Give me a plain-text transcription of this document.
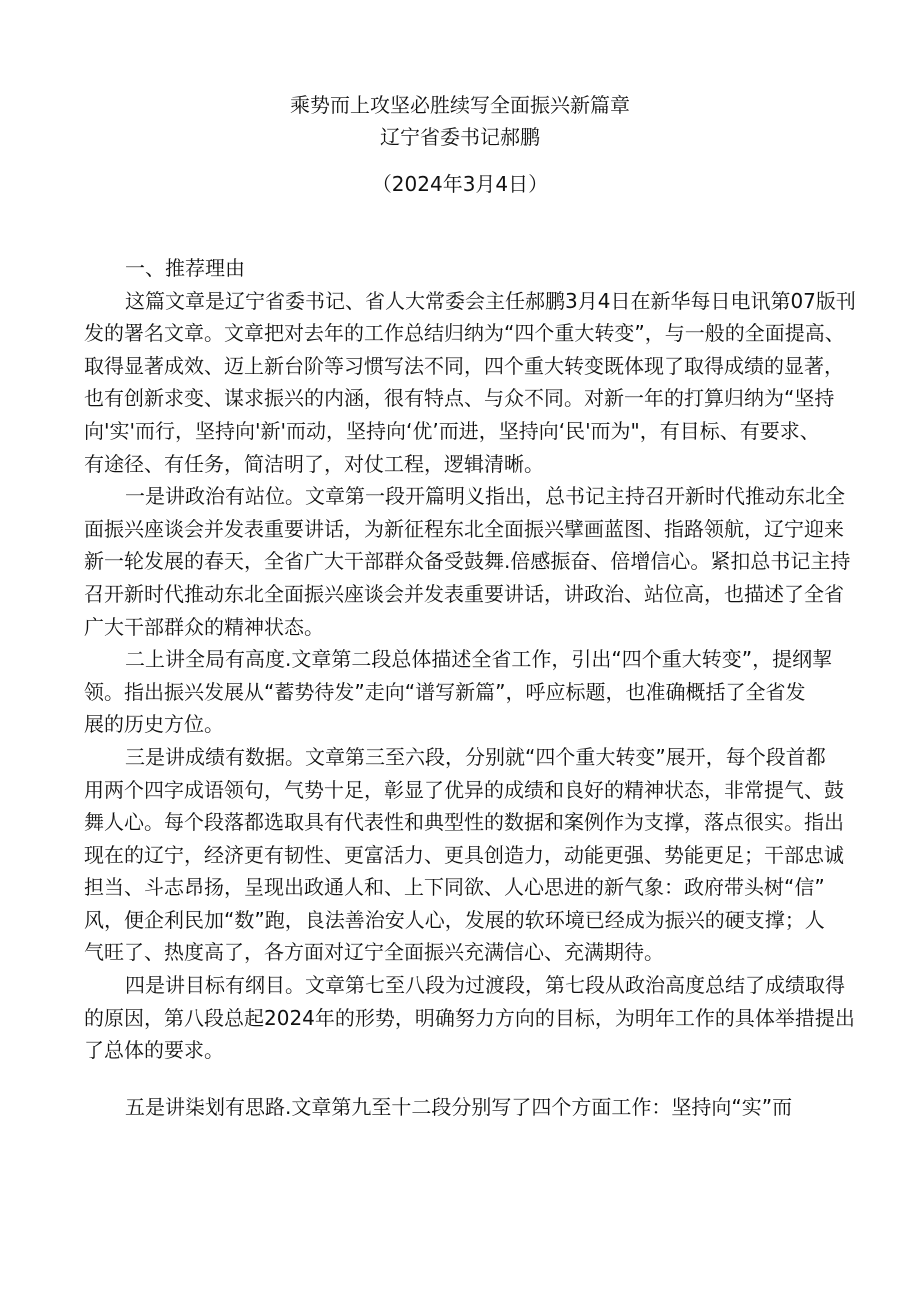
乘势而上攻坚必胜续写全面振兴新篇章
辽宁省委书记郝鹏
（2024年3月4日）
一、推荐理由
这篇文章是辽宁省委书记、省人大常委会主任郝鹏3月4日在新华每日电讯第07版刊
发的署名文章。文章把对去年的工作总结归纳为“四个重大转变”，与一般的全面提高、
取得显著成效、迈上新台阶等习惯写法不同，四个重大转变既体现了取得成绩的显著，
也有创新求变、谋求振兴的内涵，很有特点、与众不同。对新一年的打算归纳为“坚持
向'实'而行，坚持向'新'而动，坚持向‘优’而进，坚持向‘民'而为"，有目标、有要求、
有途径、有任务，简洁明了，对仗工程，逻辑清晰。
一是讲政治有站位。文章第一段开篇明义指出，总书记主持召开新时代推动东北全
面振兴座谈会并发表重要讲话，为新征程东北全面振兴擘画蓝图、指路领航，辽宁迎来
新一轮发展的春天，全省广大干部群众备受鼓舞.倍感振奋、倍增信心。紧扣总书记主持
召开新时代推动东北全面振兴座谈会并发表重要讲话，讲政治、站位高，也描述了全省
广大干部群众的精神状态。
二上讲全局有高度.文章第二段总体描述全省工作，引出“四个重大转变”，提纲挈
领。指出振兴发展从“蓄势待发”走向“谱写新篇”，呼应标题，也准确概括了全省发
展的历史方位。
三是讲成绩有数据。文章第三至六段，分别就“四个重大转变”展开，每个段首都
用两个四字成语领句，气势十足，彰显了优异的成绩和良好的精神状态，非常提气、鼓
舞人心。每个段落都选取具有代表性和典型性的数据和案例作为支撑，落点很实。指出
现在的辽宁，经济更有韧性、更富活力、更具创造力，动能更强、势能更足；干部忠诚
担当、斗志昂扬，呈现出政通人和、上下同欲、人心思进的新气象：政府带头树“信”
风，便企利民加“数”跑，良法善治安人心，发展的软环境已经成为振兴的硬支撑；人
气旺了、热度高了，各方面对辽宁全面振兴充满信心、充满期待。
四是讲目标有纲目。文章第七至八段为过渡段，第七段从政治高度总结了成绩取得
的原因，第八段总起2024年的形势，明确努力方向的目标，为明年工作的具体举措提出
了总体的要求。
五是讲柒划有思路.文章第九至十二段分别写了四个方面工作：坚持向“实”而
